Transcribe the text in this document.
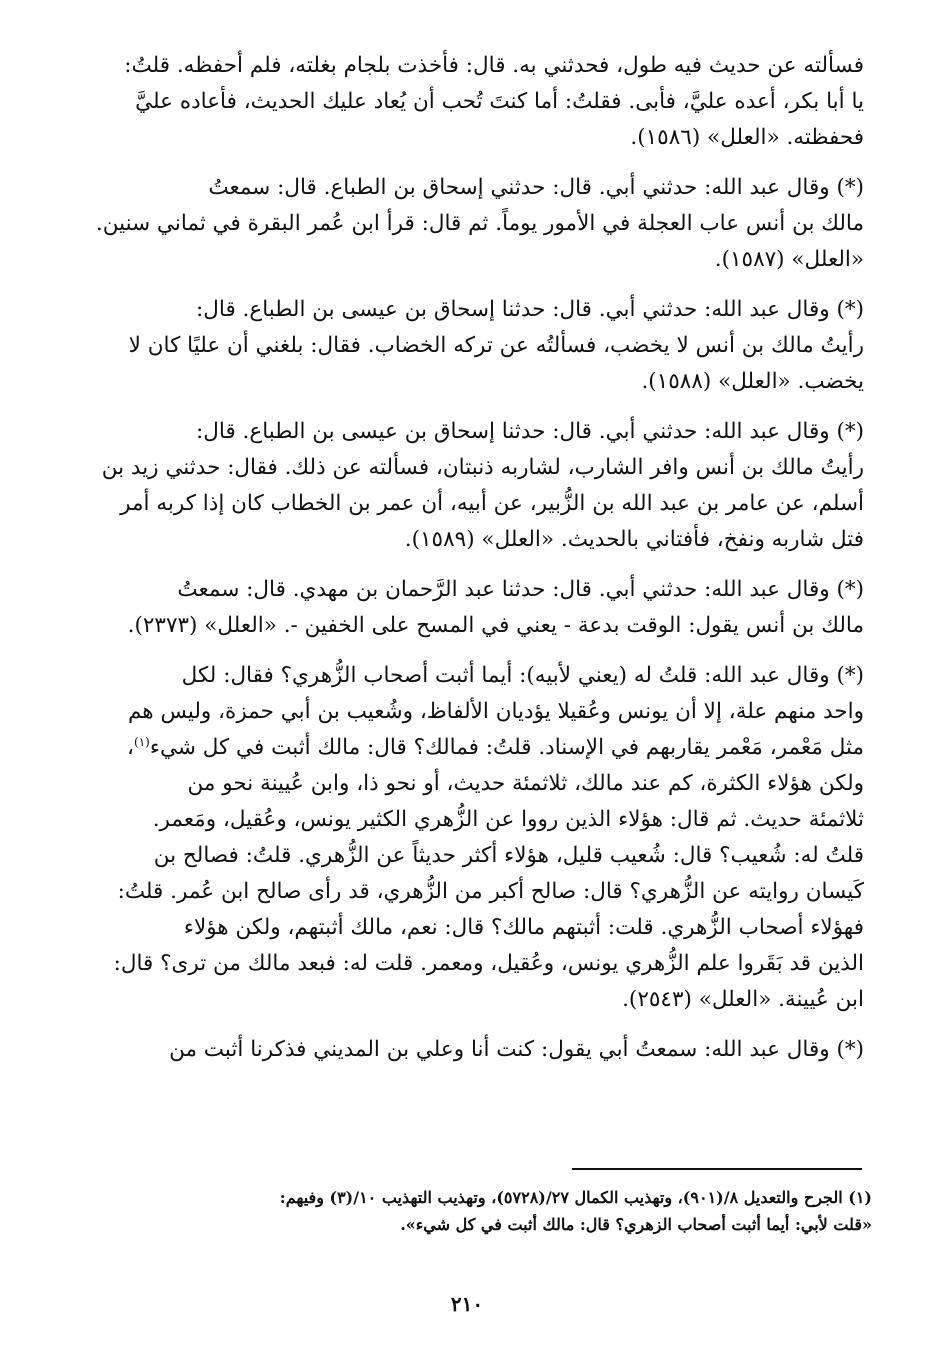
فسألته عن حديث فيه طول، فحدثني به. قال: فأخذت بلجام بغلته، فلم أحفظه. قلتُ:
يا أبا بكر، أعده عليَّ، فأبى. فقلتُ: أما كنتَ تُحب أن يُعاد عليك الحديث، فأعاده عليَّ
فحفظته. «العلل» (١٥٨٦).

(*) وقال عبد الله: حدثني أبي. قال: حدثني إسحاق بن الطباع. قال: سمعتُ
مالك بن أنس عاب العجلة في الأمور يوماً. ثم قال: قرأ ابن عُمر البقرة في ثماني سنين.
«العلل» (١٥٨٧).

(*) وقال عبد الله: حدثني أبي. قال: حدثنا إسحاق بن عيسى بن الطباع. قال:
رأيتُ مالك بن أنس لا يخضب، فسألتُه عن تركه الخضاب. فقال: بلغني أن عليًا كان لا
يخضب. «العلل» (١٥٨٨).

(*) وقال عبد الله: حدثني أبي. قال: حدثنا إسحاق بن عيسى بن الطباع. قال:
رأيتُ مالك بن أنس وافر الشارب، لشاربه ذنبتان، فسألته عن ذلك. فقال: حدثني زيد بن
أسلم، عن عامر بن عبد الله بن الزُّبير، عن أبيه، أن عمر بن الخطاب كان إذا كربه أمر
فتل شاربه ونفخ، فأفتاني بالحديث. «العلل» (١٥٨٩).

(*) وقال عبد الله: حدثني أبي. قال: حدثنا عبد الرَّحمان بن مهدي. قال: سمعتُ
مالك بن أنس يقول: الوقت بدعة - يعني في المسح على الخفين -. «العلل» (٢٣٧٣).

(*) وقال عبد الله: قلتُ له (يعني لأبيه): أيما أثبت أصحاب الزُّهري؟ فقال: لكل
واحد منهم علة، إلا أن يونس وعُقيلا يؤديان الألفاظ، وشُعيب بن أبي حمزة، وليس هم
مثل مَعْمر، مَعْمر يقاربهم في الإسناد. قلتُ: فمالك؟ قال: مالك أثبت في كل شيء$^{(١)}$،
ولكن هؤلاء الكثرة، كم عند مالك، ثلاثمئة حديث، أو نحو ذا، وابن عُيينة نحو من
ثلاثمئة حديث. ثم قال: هؤلاء الذين رووا عن الزُّهري الكثير يونس، وعُقيل، ومَعمر.
قلتُ له: شُعيب؟ قال: شُعيب قليل، هؤلاء أكثر حديثاً عن الزُّهري. قلتُ: فصالح بن
كَيسان روايته عن الزُّهري؟ قال: صالح أكبر من الزُّهري، قد رأى صالح ابن عُمر. قلتُ:
فهؤلاء أصحاب الزُّهري. قلت: أثبتهم مالك؟ قال: نعم، مالك أثبتهم، ولكن هؤلاء
الذين قد بَقَروا علم الزُّهري يونس، وعُقيل، ومعمر. قلت له: فبعد مالك من ترى؟ قال:
ابن عُيينة. «العلل» (٢٥٤٣).

(*) وقال عبد الله: سمعتُ أبي يقول: كنت أنا وعلي بن المديني فذكرنا أثبت من

(١) الجرح والتعديل ٨/(٩٠١)، وتهذيب الكمال ٢٧/(٥٧٢٨)، وتهذيب التهذيب ١٠/(٣) وفيهم:
«قلت لأبي: أيما أثبت أصحاب الزهري؟ قال: مالك أثبت في كل شيء».
٢١٠
